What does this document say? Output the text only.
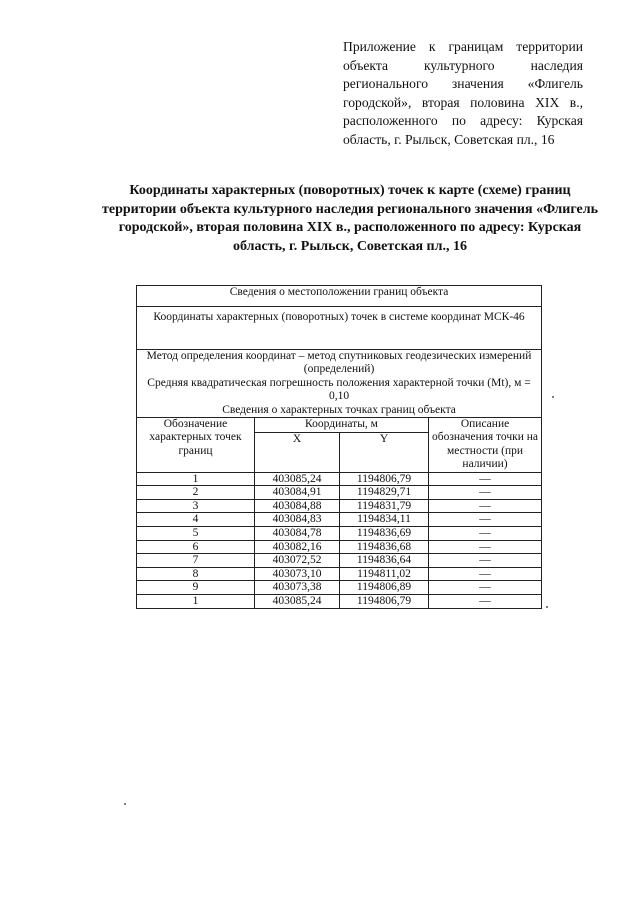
Приложение к границам территории объекта культурного наследия регионального значения «Флигель городской», вторая половина XIX в., расположенного по адресу: Курская область, г. Рыльск, Советская пл., 16
Координаты характерных (поворотных) точек к карте (схеме) границ территории объекта культурного наследия регионального значения «Флигель городской», вторая половина XIX в., расположенного по адресу: Курская область, г. Рыльск, Советская пл., 16
Сведения о местоположении границ объекта			
Координаты характерных (поворотных) точек в системе координат МСК-46			

Метод определения координат – метод спутниковых геодезических измерений (определений)
Средняя квадратическая погрешность положения характерной точки (Mt), м = 0,10
Сведения о характерных точках границ объекта			

Обозначение характерных точек границ	Координаты, м		Описание обозначения точки на местности (при наличии)
	X	Y	
1	403085,24	1194806,79	—
2	403084,91	1194829,71	—
3	403084,88	1194831,79	—
4	403084,83	1194834,11	—
5	403084,78	1194836,69	—
6	403082,16	1194836,68	—
7	403072,52	1194836,64	—
8	403073,10	1194811,02	—
9	403073,38	1194806,89	—
1	403085,24	1194806,79	—
